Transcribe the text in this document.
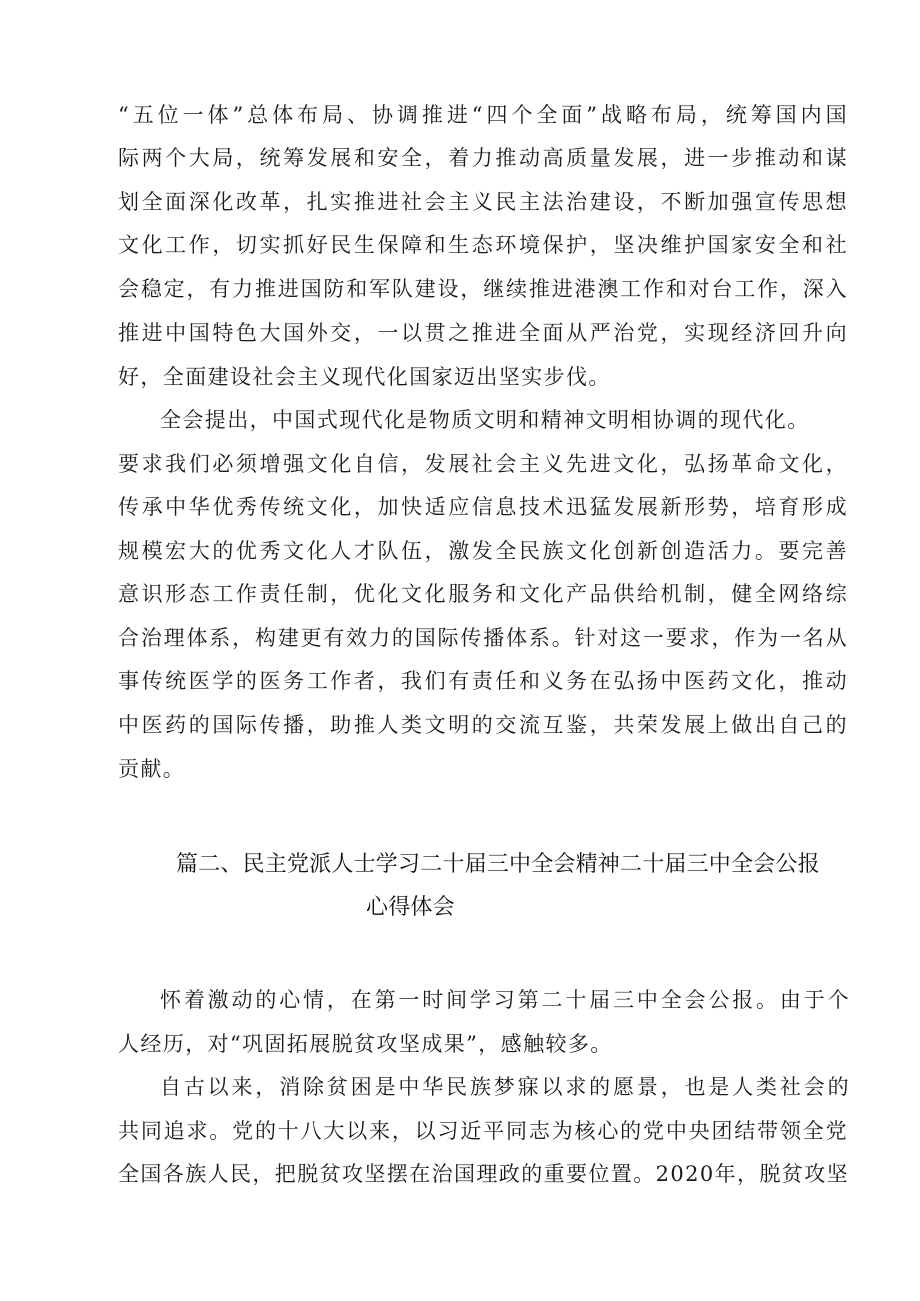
“五位一体”总体布局、协调推进“四个全面”战略布局，统筹国内国
际两个大局，统筹发展和安全，着力推动高质量发展，进一步推动和谋
划全面深化改革，扎实推进社会主义民主法治建设，不断加强宣传思想
文化工作，切实抓好民生保障和生态环境保护，坚决维护国家安全和社
会稳定，有力推进国防和军队建设，继续推进港澳工作和对台工作，深入
推进中国特色大国外交，一以贯之推进全面从严治党，实现经济回升向
好，全面建设社会主义现代化国家迈出坚实步伐。
全会提出，中国式现代化是物质文明和精神文明相协调的现代化。
要求我们必须增强文化自信，发展社会主义先进文化，弘扬革命文化，
传承中华优秀传统文化，加快适应信息技术迅猛发展新形势，培育形成
规模宏大的优秀文化人才队伍，激发全民族文化创新创造活力。要完善
意识形态工作责任制，优化文化服务和文化产品供给机制，健全网络综
合治理体系，构建更有效力的国际传播体系。针对这一要求，作为一名从
事传统医学的医务工作者，我们有责任和义务在弘扬中医药文化，推动
中医药的国际传播，助推人类文明的交流互鉴，共荣发展上做出自己的
贡献。
篇二、民主党派人士学习二十届三中全会精神二十届三中全会公报
心得体会
怀着激动的心情，在第一时间学习第二十届三中全会公报。由于个
人经历，对“巩固拓展脱贫攻坚成果”，感触较多。
自古以来，消除贫困是中华民族梦寐以求的愿景，也是人类社会的
共同追求。党的十八大以来，以习近平同志为核心的党中央团结带领全党
全国各族人民，把脱贫攻坚摆在治国理政的重要位置。2020年，脱贫攻坚
